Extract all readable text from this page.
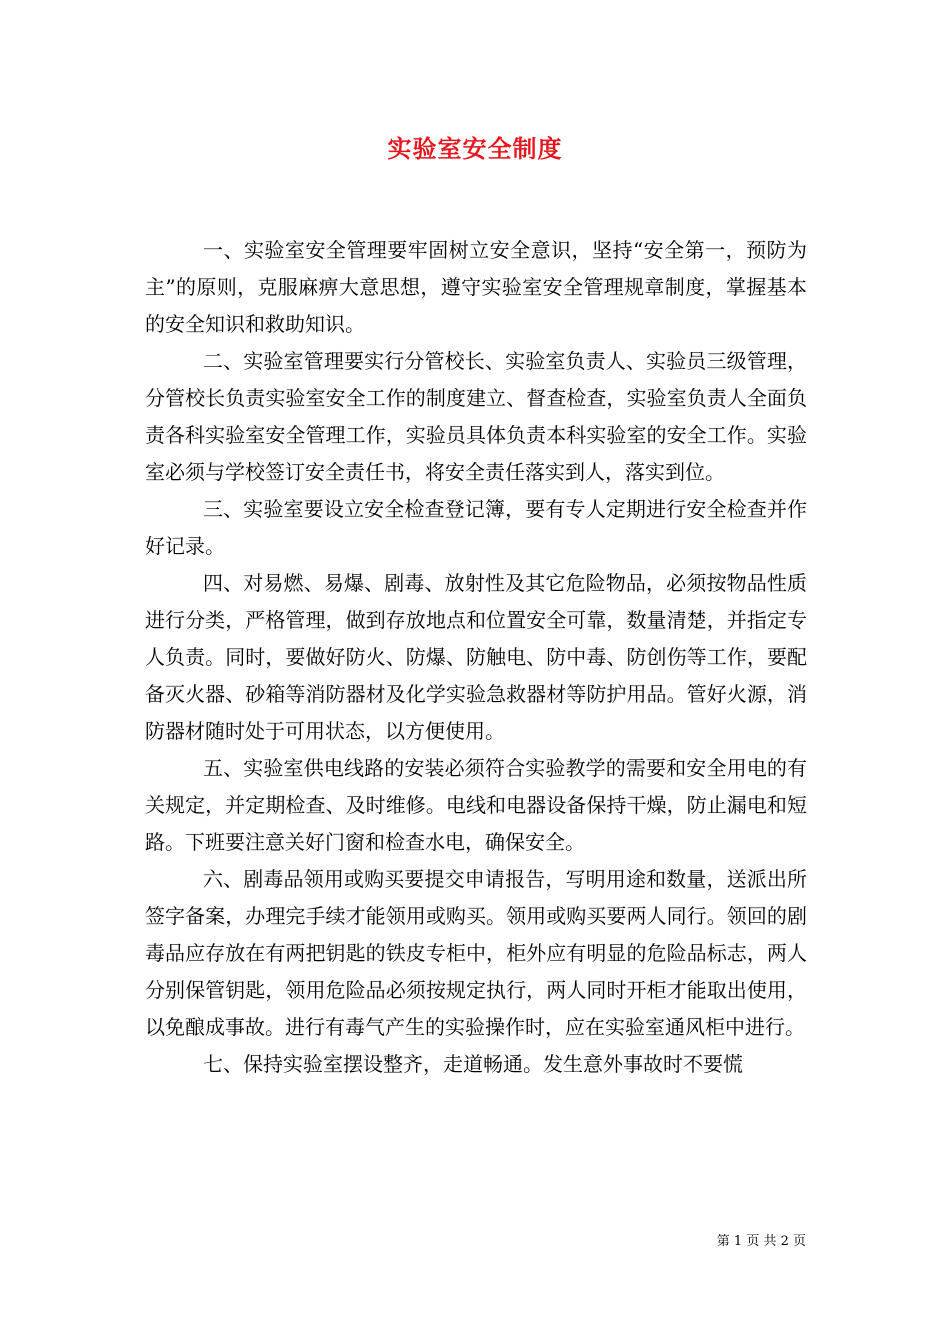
实验室安全制度

一、实验室安全管理要牢固树立安全意识，坚持“安全第一，预防为主”的原则，克服麻痹大意思想，遵守实验室安全管理规章制度，掌握基本的安全知识和救助知识。

二、实验室管理要实行分管校长、实验室负责人、实验员三级管理，分管校长负责实验室安全工作的制度建立、督查检查，实验室负责人全面负责各科实验室安全管理工作，实验员具体负责本科实验室的安全工作。实验室必须与学校签订安全责任书，将安全责任落实到人，落实到位。

三、实验室要设立安全检查登记簿，要有专人定期进行安全检查并作好记录。

四、对易燃、易爆、剧毒、放射性及其它危险物品，必须按物品性质进行分类，严格管理，做到存放地点和位置安全可靠，数量清楚，并指定专人负责。同时，要做好防火、防爆、防触电、防中毒、防创伤等工作，要配备灭火器、砂箱等消防器材及化学实验急救器材等防护用品。管好火源，消防器材随时处于可用状态，以方便使用。

五、实验室供电线路的安装必须符合实验教学的需要和安全用电的有关规定，并定期检查、及时维修。电线和电器设备保持干燥，防止漏电和短路。下班要注意关好门窗和检查水电，确保安全。

六、剧毒品领用或购买要提交申请报告，写明用途和数量，送派出所签字备案，办理完手续才能领用或购买。领用或购买要两人同行。领回的剧毒品应存放在有两把钥匙的铁皮专柜中，柜外应有明显的危险品标志，两人分别保管钥匙，领用危险品必须按规定执行，两人同时开柜才能取出使用，以免酿成事故。进行有毒气产生的实验操作时，应在实验室通风柜中进行。

七、保持实验室摆设整齐，走道畅通。发生意外事故时不要慌

第 1 页 共 2 页
